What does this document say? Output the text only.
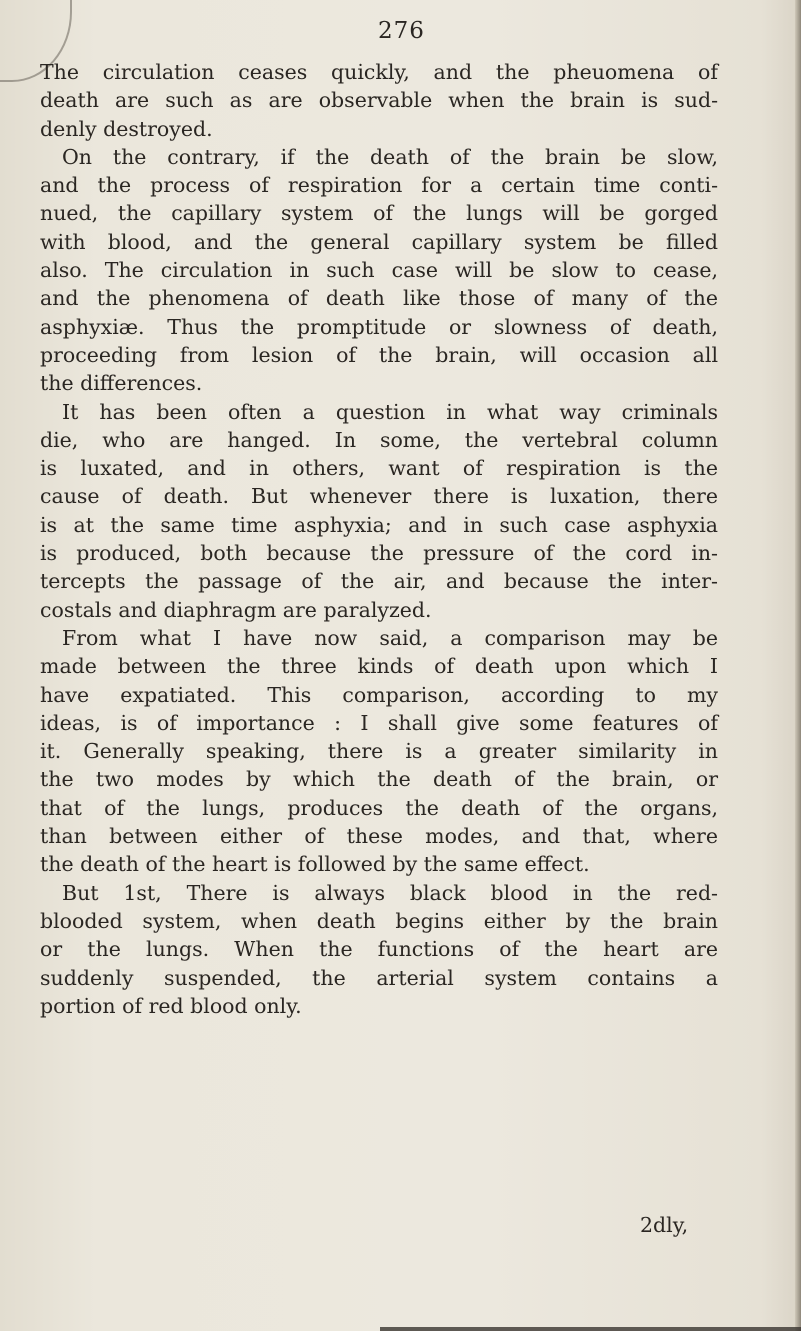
276
The circulation ceases quickly, and the pheuomena of
death are such as are observable when the brain is sud-
denly destroyed.
On the contrary, if the death of the brain be slow,
and the process of respiration for a certain time conti-
nued, the capillary system of the lungs will be gorged
with blood, and the general capillary system be filled
also. The circulation in such case will be slow to cease,
and the phenomena of death like those of many of the
asphyxiæ. Thus the promptitude or slowness of death,
proceeding from lesion of the brain, will occasion all
the differences.
It has been often a question in what way criminals
die, who are hanged. In some, the vertebral column
is luxated, and in others, want of respiration is the
cause of death. But whenever there is luxation, there
is at the same time asphyxia; and in such case asphyxia
is produced, both because the pressure of the cord in-
tercepts the passage of the air, and because the inter-
costals and diaphragm are paralyzed.
From what I have now said, a comparison may be
made between the three kinds of death upon which I
have expatiated. This comparison, according to my
ideas, is of importance : I shall give some features of
it. Generally speaking, there is a greater similarity in
the two modes by which the death of the brain, or
that of the lungs, produces the death of the organs,
than between either of these modes, and that, where
the death of the heart is followed by the same effect.
But 1st, There is always black blood in the red-
blooded system, when death begins either by the brain
or the lungs. When the functions of the heart are
suddenly suspended, the arterial system contains a
portion of red blood only.
2dly,
